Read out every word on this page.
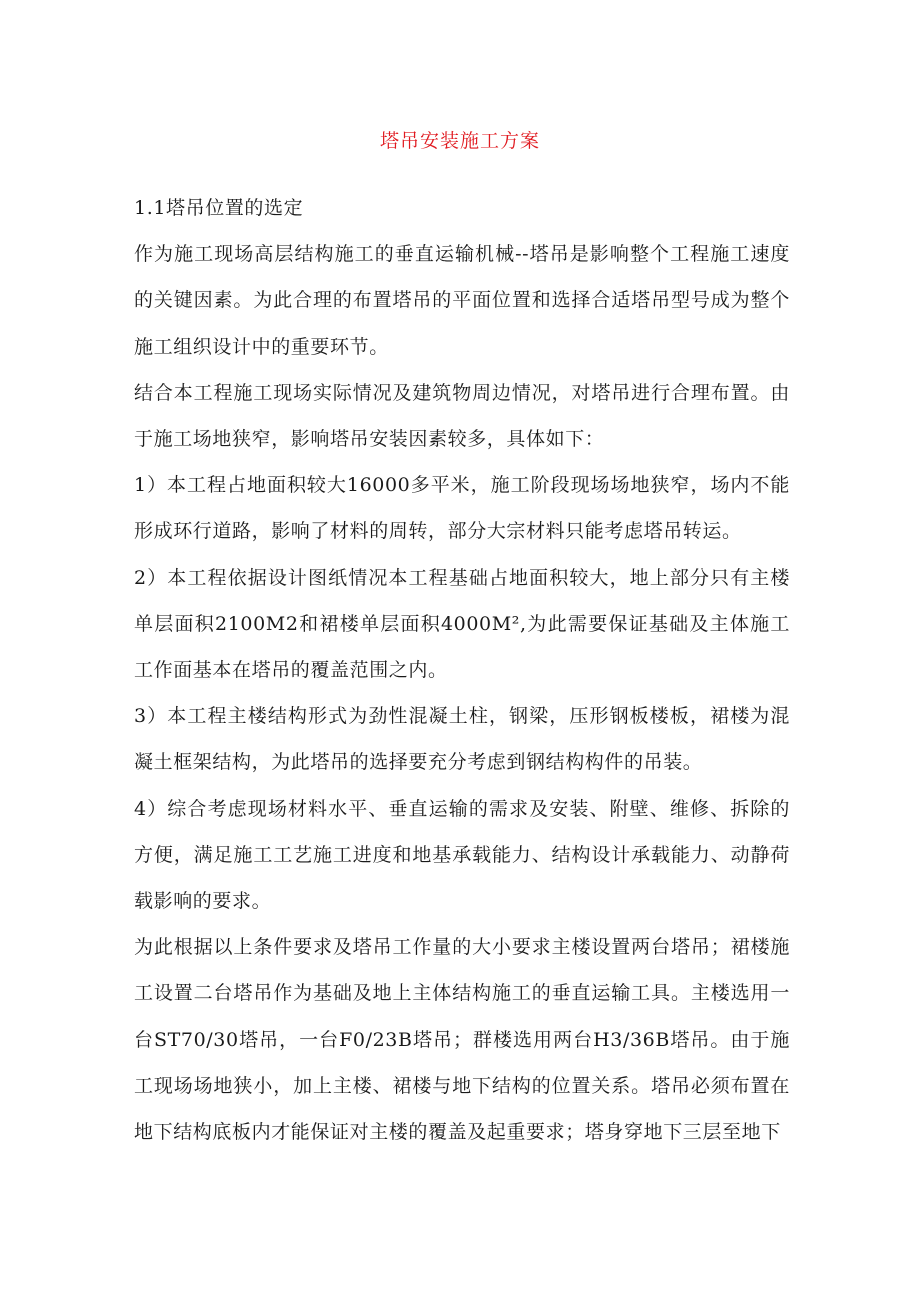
塔吊安装施工方案

1.1塔吊位置的选定

作为施工现场高层结构施工的垂直运输机械--塔吊是影响整个工程施工速度的关键因素。为此合理的布置塔吊的平面位置和选择合适塔吊型号成为整个施工组织设计中的重要环节。

结合本工程施工现场实际情况及建筑物周边情况，对塔吊进行合理布置。由于施工场地狭窄，影响塔吊安装因素较多，具体如下：

1）本工程占地面积较大16000多平米，施工阶段现场场地狭窄，场内不能形成环行道路，影响了材料的周转，部分大宗材料只能考虑塔吊转运。

2）本工程依据设计图纸情况本工程基础占地面积较大，地上部分只有主楼单层面积2100M2和裙楼单层面积4000M²,为此需要保证基础及主体施工工作面基本在塔吊的覆盖范围之内。

3）本工程主楼结构形式为劲性混凝土柱，钢梁，压形钢板楼板，裙楼为混凝土框架结构，为此塔吊的选择要充分考虑到钢结构构件的吊装。

4）综合考虑现场材料水平、垂直运输的需求及安装、附壁、维修、拆除的方便，满足施工工艺施工进度和地基承载能力、结构设计承载能力、动静荷载影响的要求。

为此根据以上条件要求及塔吊工作量的大小要求主楼设置两台塔吊；裙楼施工设置二台塔吊作为基础及地上主体结构施工的垂直运输工具。主楼选用一台ST70/30塔吊，一台F0/23B塔吊；群楼选用两台H3/36B塔吊。由于施工现场场地狭小，加上主楼、裙楼与地下结构的位置关系。塔吊必须布置在地下结构底板内才能保证对主楼的覆盖及起重要求；塔身穿地下三层至地下
